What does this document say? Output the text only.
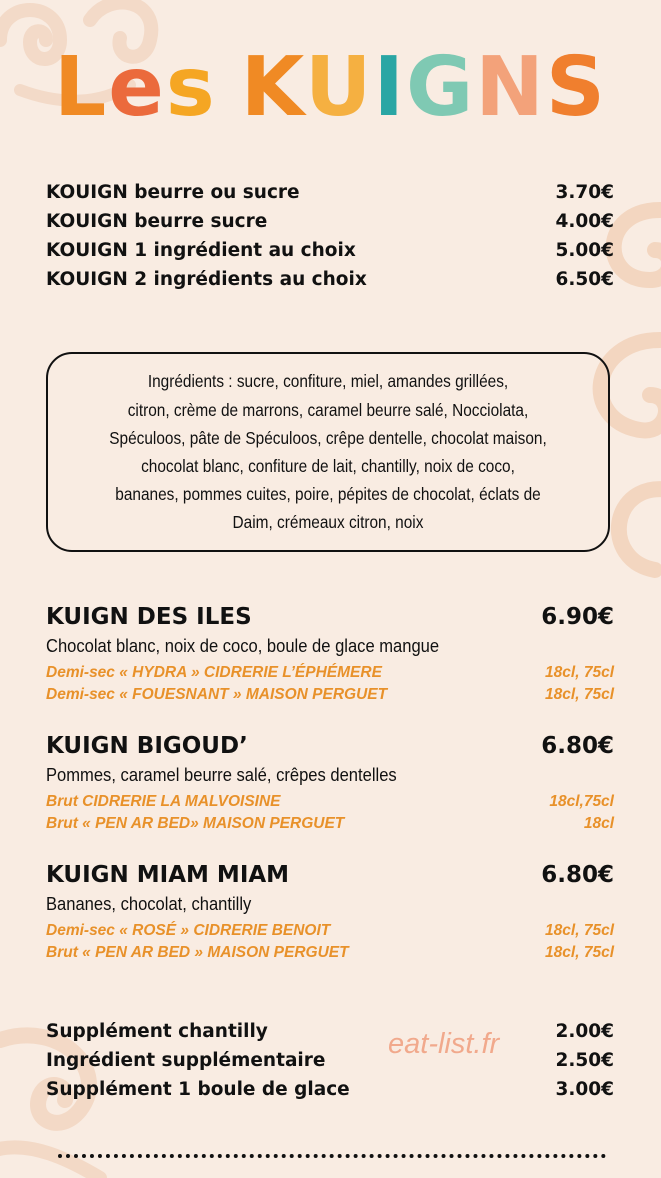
Les KUIGNS
KOUIGN beurre ou sucre	3.70€
KOUIGN beurre sucre	4.00€
KOUIGN 1 ingrédient au choix	5.00€
KOUIGN 2 ingrédients au choix	6.50€

Ingrédients : sucre, confiture, miel, amandes grillées,
citron, crème de marrons, caramel beurre salé, Nocciolata,
Spéculoos, pâte de Spéculoos, crêpe dentelle, chocolat maison,
chocolat blanc, confiture de lait, chantilly, noix de coco,
bananes, pommes cuites, poire, pépites de chocolat, éclats de
Daim, crémeaux citron, noix

KUIGN DES ILES	6.90€
Chocolat blanc, noix de coco, boule de glace mangue
Demi-sec « HYDRA » CIDRERIE L’ÉPHÉMERE	18cl, 75cl
Demi-sec « FOUESNANT » MAISON PERGUET	18cl, 75cl
KUIGN BIGOUD’	6.80€
Pommes, caramel beurre salé, crêpes dentelles
Brut CIDRERIE LA MALVOISINE	18cl,75cl
Brut « PEN AR BED» MAISON PERGUET	18cl
KUIGN MIAM MIAM	6.80€
Bananes, chocolat, chantilly
Demi-sec « ROSÉ » CIDRERIE BENOIT	18cl, 75cl
Brut « PEN AR BED » MAISON PERGUET	18cl, 75cl
Supplément chantilly	2.00€
Ingrédient supplémentaire	2.50€
Supplément 1 boule de glace	3.00€
eat-list.fr
